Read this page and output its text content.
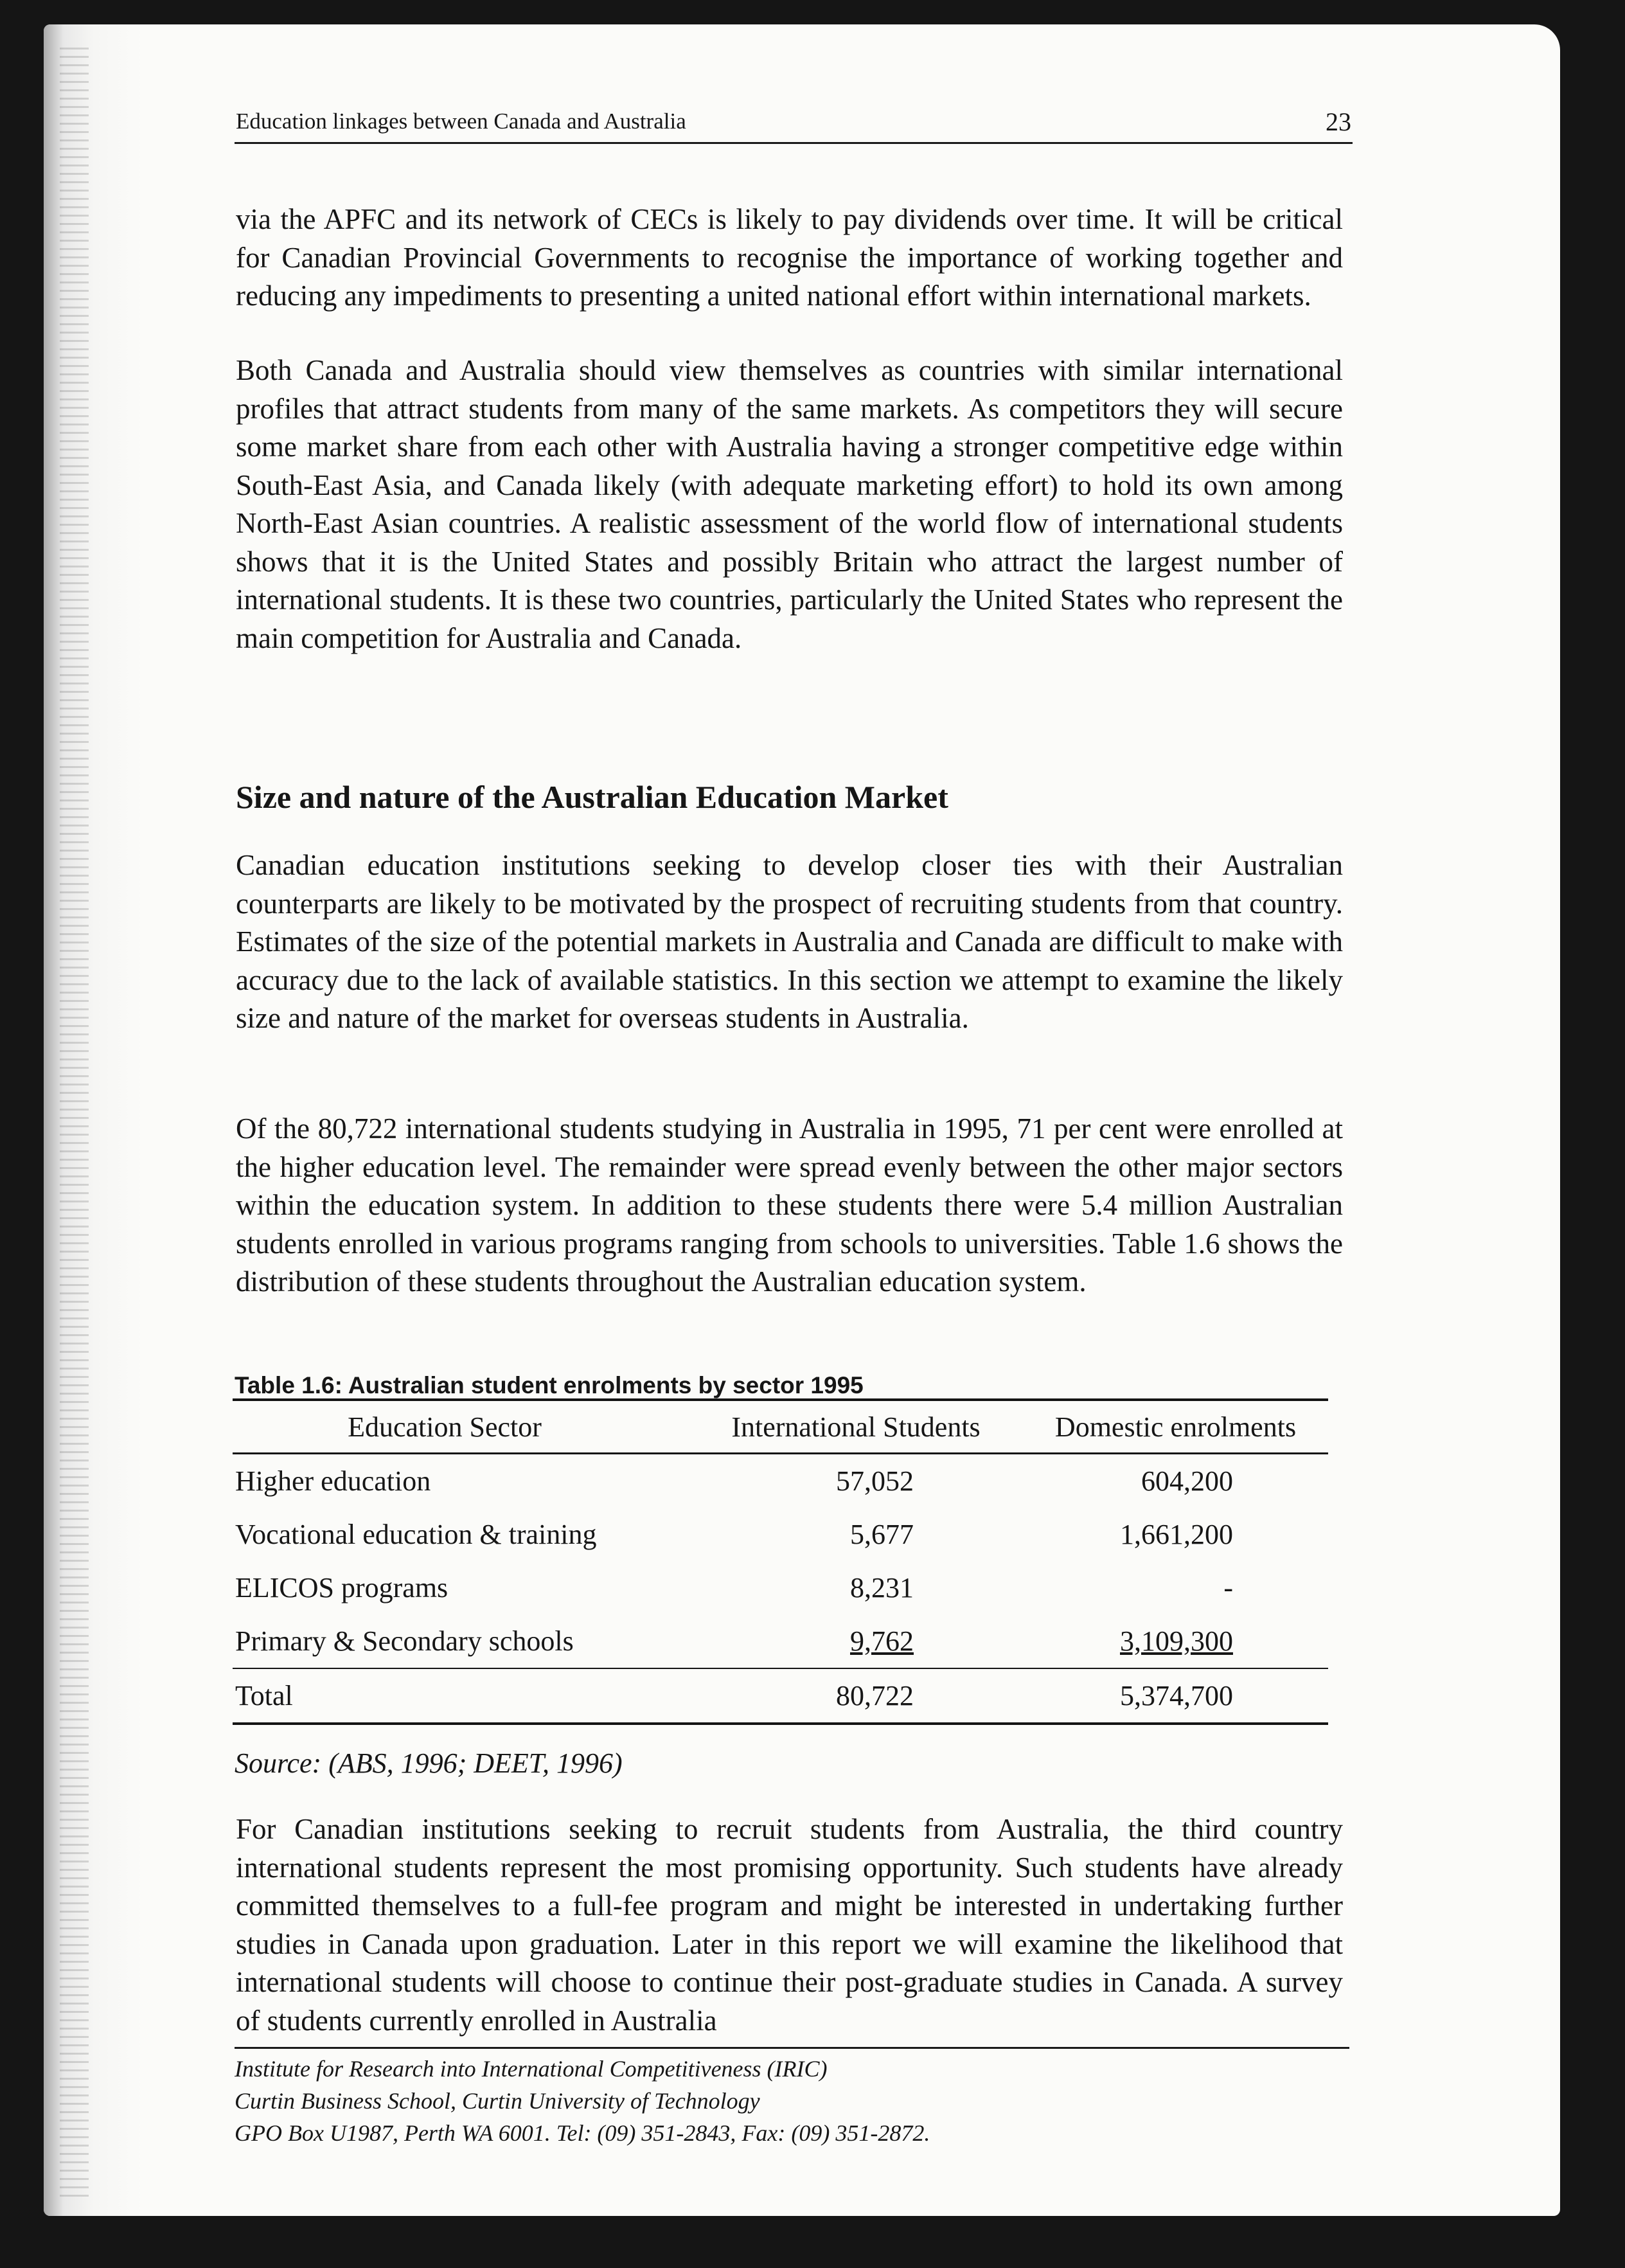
Education linkages between Canada and Australia	23

via the APFC and its network of CECs is likely to pay dividends over time. It will be critical for Canadian Provincial Governments to recognise the importance of working together and reducing any impediments to presenting a united national effort within international markets.

Both Canada and Australia should view themselves as countries with similar international profiles that attract students from many of the same markets. As competitors they will secure some market share from each other with Australia having a stronger competitive edge within South-East Asia, and Canada likely (with adequate marketing effort) to hold its own among North-East Asian countries. A realistic assessment of the world flow of international students shows that it is the United States and possibly Britain who attract the largest number of international students. It is these two countries, particularly the United States who represent the main competition for Australia and Canada.

Size and nature of the Australian Education Market

Canadian education institutions seeking to develop closer ties with their Australian counterparts are likely to be motivated by the prospect of recruiting students from that country. Estimates of the size of the potential markets in Australia and Canada are difficult to make with accuracy due to the lack of available statistics. In this section we attempt to examine the likely size and nature of the market for overseas students in Australia.

Of the 80,722 international students studying in Australia in 1995, 71 per cent were enrolled at the higher education level. The remainder were spread evenly between the other major sectors within the education system. In addition to these students there were 5.4 million Australian students enrolled in various programs ranging from schools to universities. Table 1.6 shows the distribution of these students throughout the Australian education system.

Table 1.6: Australian student enrolments by sector 1995

Education Sector	International Students	Domestic enrolments
Higher education	57,052	604,200
Vocational education & training	5,677	1,661,200
ELICOS programs	8,231	-
Primary & Secondary schools	9,762	3,109,300
Total	80,722	5,374,700

Source: (ABS, 1996; DEET, 1996)

For Canadian institutions seeking to recruit students from Australia, the third country international students represent the most promising opportunity. Such students have already committed themselves to a full-fee program and might be interested in undertaking further studies in Canada upon graduation. Later in this report we will examine the likelihood that international students will choose to continue their post-graduate studies in Canada. A survey of students currently enrolled in Australia

Institute for Research into International Competitiveness (IRIC)
Curtin Business School, Curtin University of Technology
GPO Box U1987, Perth WA 6001. Tel: (09) 351-2843, Fax: (09) 351-2872.
